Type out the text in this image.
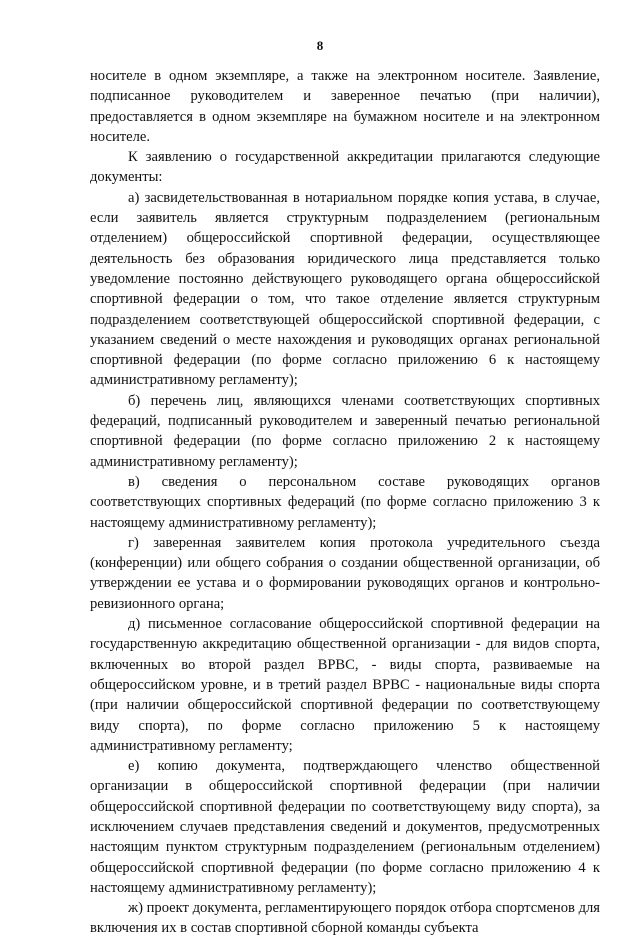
8

носителе в одном экземпляре, а также на электронном носителе. Заявление, подписанное руководителем и заверенное печатью (при наличии), предоставляется в одном экземпляре на бумажном носителе и на электронном носителе.

К заявлению о государственной аккредитации прилагаются следующие документы:

а) засвидетельствованная в нотариальном порядке копия устава, в случае, если заявитель является структурным подразделением (региональным отделением) общероссийской спортивной федерации, осуществляющее деятельность без образования юридического лица представляется только уведомление постоянно действующего руководящего органа общероссийской спортивной федерации о том, что такое отделение является структурным подразделением соответствующей общероссийской спортивной федерации, с указанием сведений о месте нахождения и руководящих органах региональной спортивной федерации (по форме согласно приложению 6 к настоящему административному регламенту);

б) перечень лиц, являющихся членами соответствующих спортивных федераций, подписанный руководителем и заверенный печатью региональной спортивной федерации (по форме согласно приложению 2 к настоящему административному регламенту);

в) сведения о персональном составе руководящих органов соответствующих спортивных федераций (по форме согласно приложению 3 к настоящему административному регламенту);

г) заверенная заявителем копия протокола учредительного съезда (конференции) или общего собрания о создании общественной организации, об утверждении ее устава и о формировании руководящих органов и контрольно-ревизионного органа;

д) письменное согласование общероссийской спортивной федерации на государственную аккредитацию общественной организации - для видов спорта, включенных во второй раздел ВРВС, - виды спорта, развиваемые на общероссийском уровне, и в третий раздел ВРВС - национальные виды спорта (при наличии общероссийской спортивной федерации по соответствующему виду спорта), по форме согласно приложению 5 к настоящему административному регламенту;

е) копию документа, подтверждающего членство общественной организации в общероссийской спортивной федерации (при наличии общероссийской спортивной федерации по соответствующему виду спорта), за исключением случаев представления сведений и документов, предусмотренных настоящим пунктом структурным подразделением (региональным отделением) общероссийской спортивной федерации (по форме согласно приложению 4 к настоящему административному регламенту);

ж) проект документа, регламентирующего порядок отбора спортсменов для включения их в состав спортивной сборной команды субъекта
